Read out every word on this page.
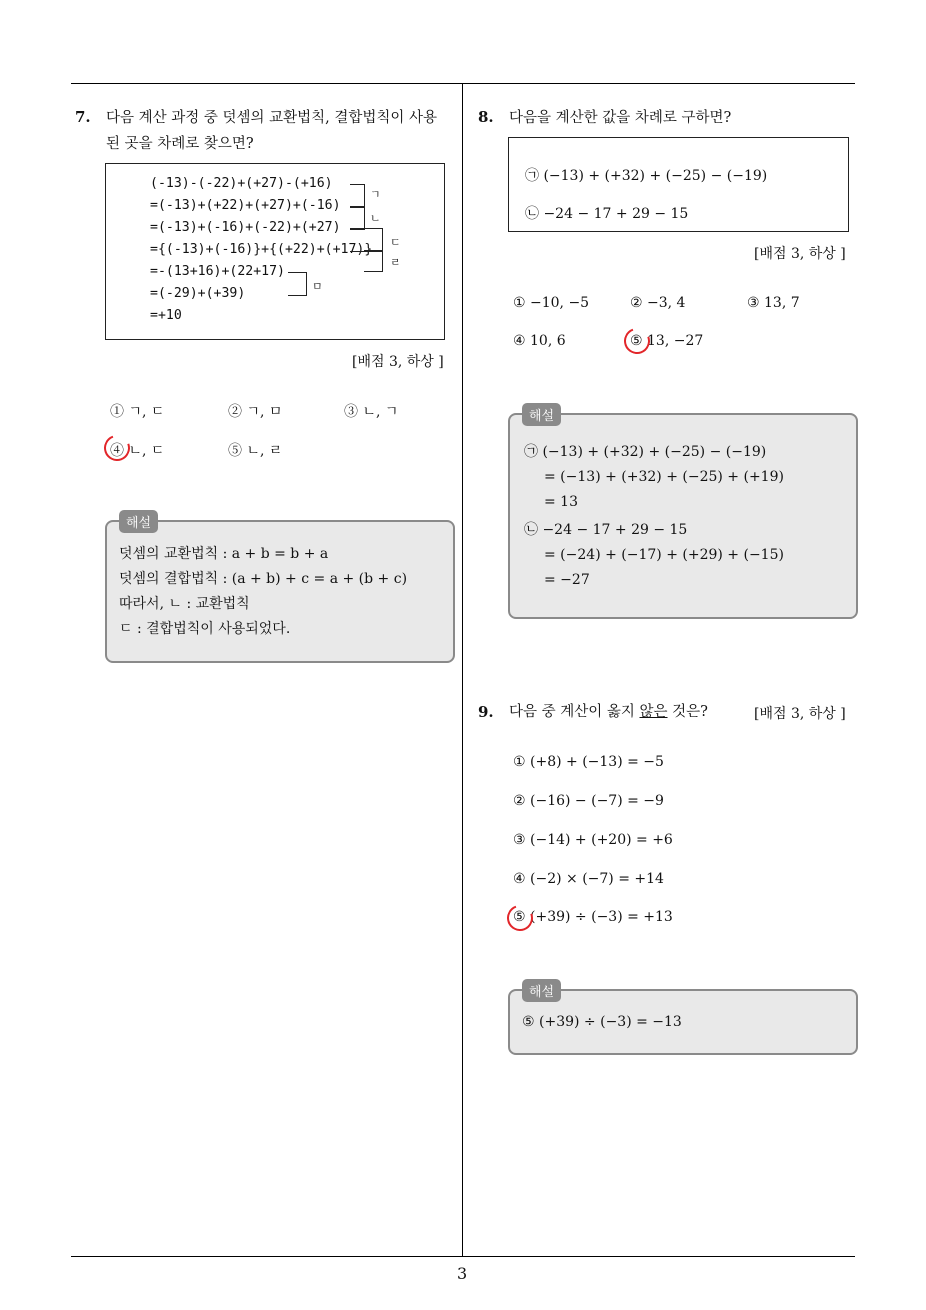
7. 다음 계산 과정 중 덧셈의 교환법칙, 결합법칙이 사용
된 곳을 차례로 찾으면?
(-13)-(-22)+(+27)-(+16)
=(-13)+(+22)+(+27)+(-16)
=(-13)+(-16)+(-22)+(+27)
={(-13)+(-16)}+{(+22)+(+17)}
=-(13+16)+(22+17)
=(-29)+(+39)
=+10
ㄱ
ㄴ
ㄷ
ㄹ
ㅁ
[배점 3, 하상 ]
① ㄱ, ㄷ	② ㄱ, ㅁ	③ ㄴ, ㄱ
④ ㄴ, ㄷ	⑤ ㄴ, ㄹ
해설
덧셈의 교환법칙 : a + b = b + a
덧셈의 결합법칙 : (a + b) + c = a + (b + c)
따라서, ㄴ : 교환법칙
ㄷ : 결합법칙이 사용되었다.
8. 다음을 계산한 값을 차례로 구하면?
㉠ (−13) + (+32) + (−25) − (−19)
㉡ −24 − 17 + 29 − 15
[배점 3, 하상 ]
① −10, −5	② −3, 4	③ 13, 7
④ 10, 6	⑤ 13, −27
해설
㉠ (−13) + (+32) + (−25) − (−19)
= (−13) + (+32) + (−25) + (+19)
= 13
㉡ −24 − 17 + 29 − 15
= (−24) + (−17) + (+29) + (−15)
= −27
9. 다음 중 계산이 옳지 않은 것은?	[배점 3, 하상 ]
① (+8) + (−13) = −5
② (−16) − (−7) = −9
③ (−14) + (+20) = +6
④ (−2) × (−7) = +14
⑤ (+39) ÷ (−3) = +13
해설
⑤ (+39) ÷ (−3) = −13
3
